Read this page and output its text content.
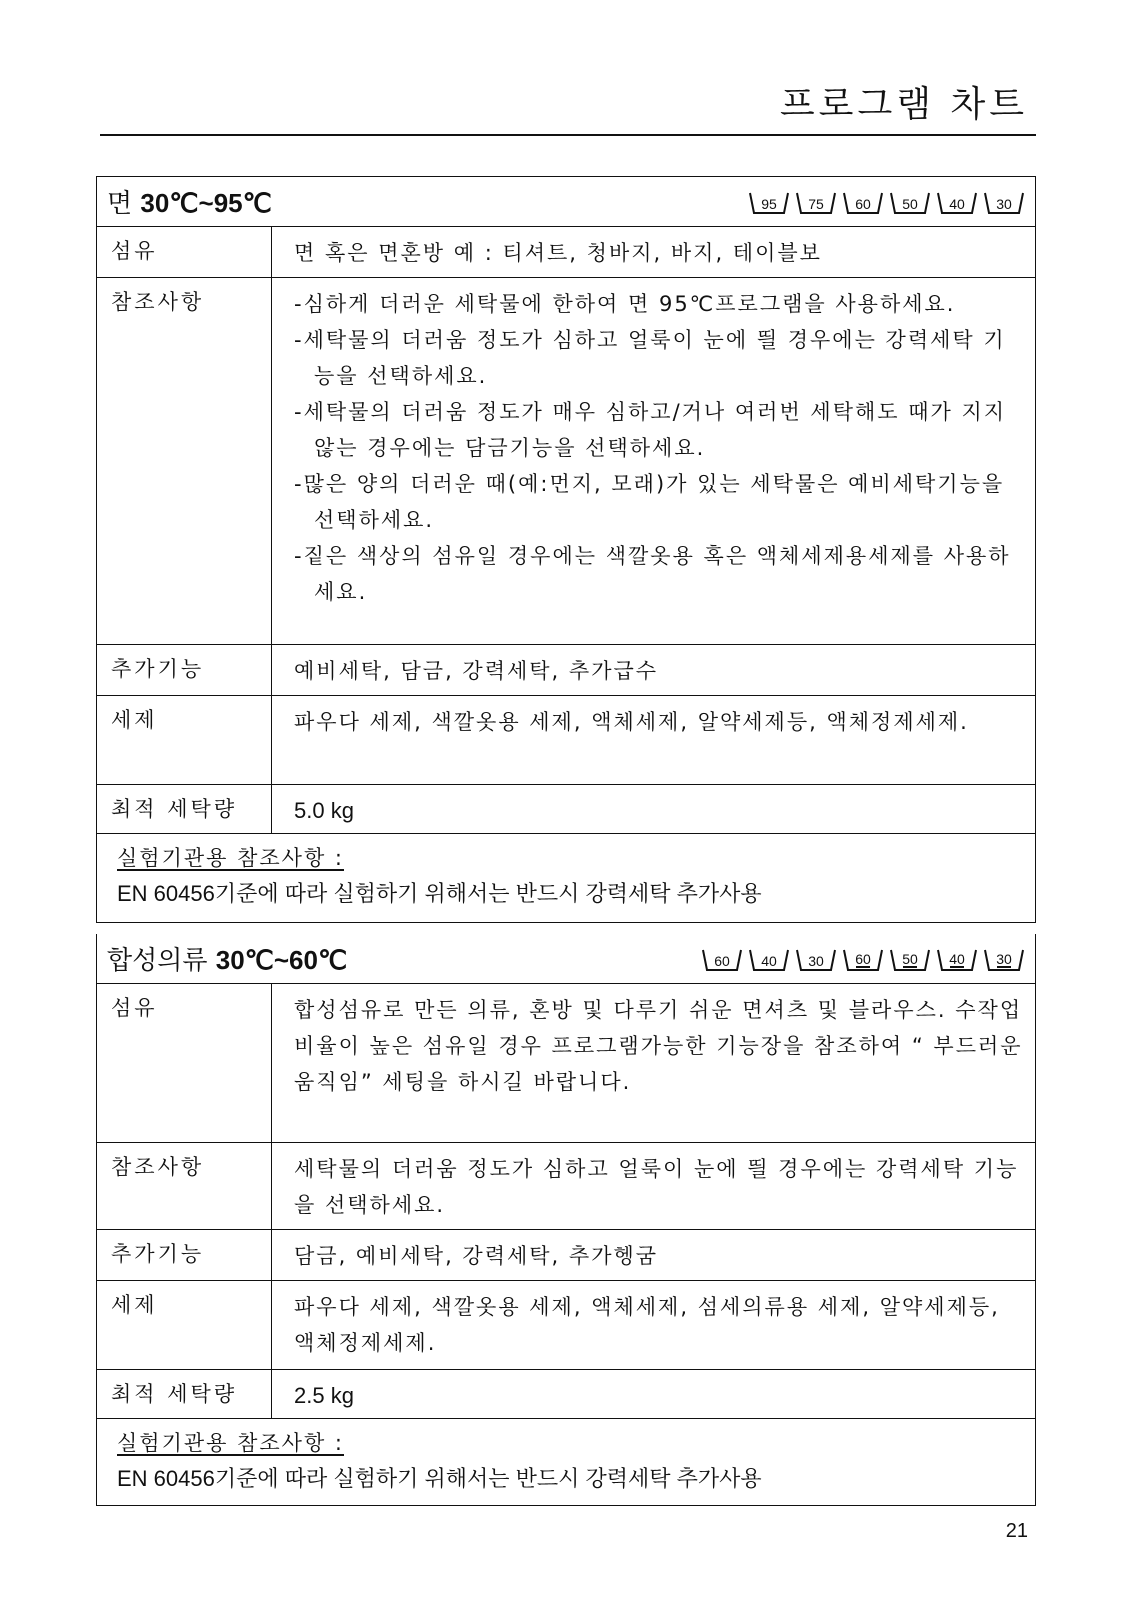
프로그램 차트
면 30℃~95℃	95 75 60 50 40 30
섬유	면 혹은 면혼방 예 : 티셔트, 청바지, 바지, 테이블보
참조사항	-심하게 더러운 세탁물에 한하여 면 95℃프로그램을 사용하세요.
-세탁물의 더러움 정도가 심하고 얼룩이 눈에 띌 경우에는 강력세탁 기능을 선택하세요.
-세탁물의 더러움 정도가 매우 심하고/거나 여러번 세탁해도 때가 지지 않는 경우에는 담금기능을 선택하세요.
-많은 양의 더러운 때(예:먼지, 모래)가 있는 세탁물은 예비세탁기능을 선택하세요.
-짙은 색상의 섬유일 경우에는 색깔옷용 혹은 액체세제용세제를 사용하세요.
추가기능	예비세탁, 담금, 강력세탁, 추가급수
세제	파우다 세제, 색깔옷용 세제, 액체세제, 알약세제등, 액체정제세제.
최적 세탁량	5.0 kg
실험기관용 참조사항 :
EN 60456기준에 따라 실험하기 위해서는 반드시 강력세탁 추가사용
합성의류 30℃~60℃	60 40 30 60 50 40 30
섬유	합성섬유로 만든 의류, 혼방 및 다루기 쉬운 면셔츠 및 블라우스. 수작업 비율이 높은 섬유일 경우 프로그램가능한 기능장을 참조하여 “ 부드러운 움직임” 세팅을 하시길 바랍니다.
참조사항	세탁물의 더러움 정도가 심하고 얼룩이 눈에 띌 경우에는 강력세탁 기능을 선택하세요.
추가기능	담금, 예비세탁, 강력세탁, 추가헹굼
세제	파우다 세제, 색깔옷용 세제, 액체세제, 섬세의류용 세제, 알약세제등, 액체정제세제.
최적 세탁량	2.5 kg
실험기관용 참조사항 :
EN 60456기준에 따라 실험하기 위해서는 반드시 강력세탁 추가사용
21
